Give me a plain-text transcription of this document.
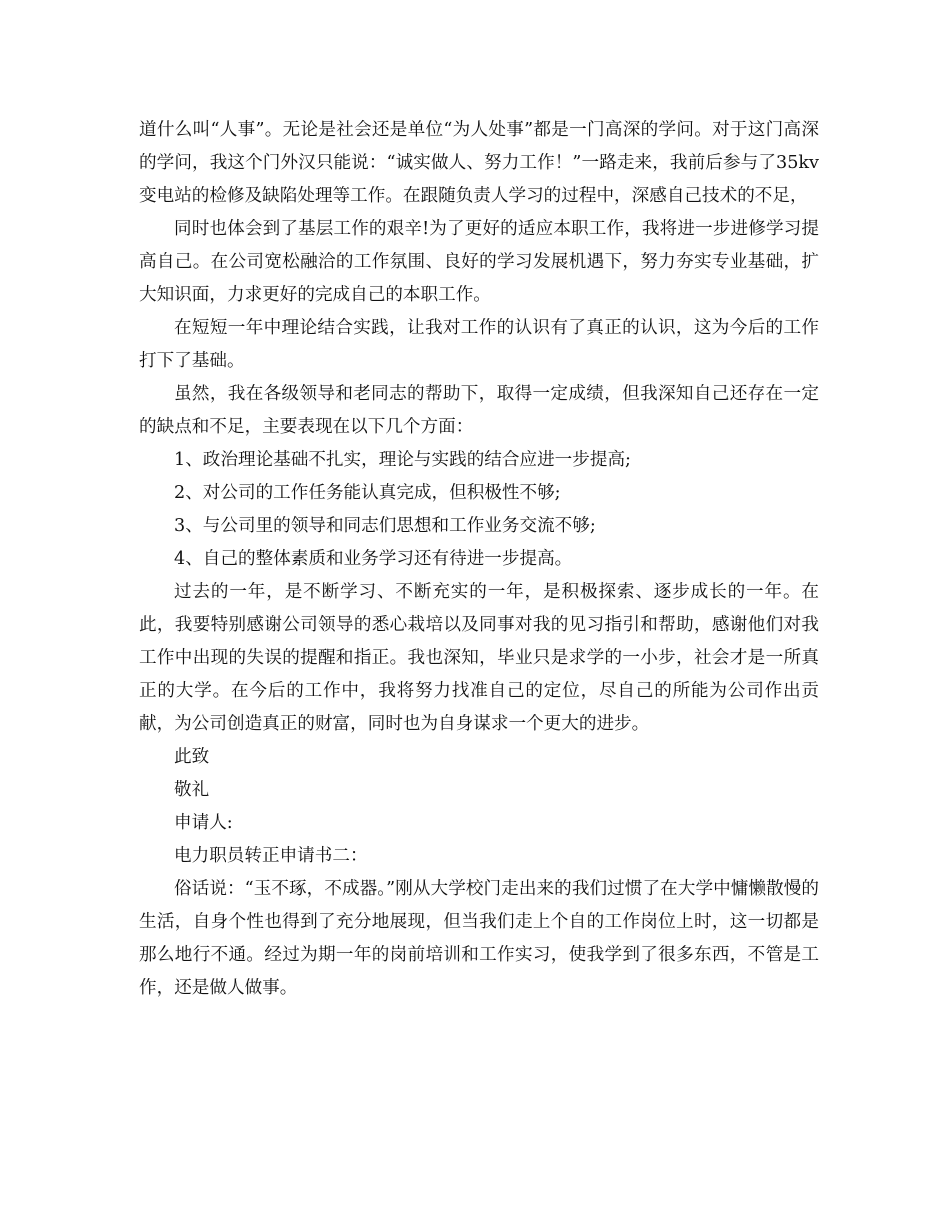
道什么叫“人事”。无论是社会还是单位“为人处事”都是一门高深的学问。对于这门高深的学问，我这个门外汉只能说：“诚实做人、努力工作！”一路走来，我前后参与了35kv变电站的检修及缺陷处理等工作。在跟随负责人学习的过程中，深感自己技术的不足，

同时也体会到了基层工作的艰辛!为了更好的适应本职工作，我将进一步进修学习提高自己。在公司宽松融洽的工作氛围、良好的学习发展机遇下，努力夯实专业基础，扩大知识面，力求更好的完成自己的本职工作。

在短短一年中理论结合实践，让我对工作的认识有了真正的认识，这为今后的工作打下了基础。

虽然，我在各级领导和老同志的帮助下，取得一定成绩，但我深知自己还存在一定的缺点和不足，主要表现在以下几个方面：

1、政治理论基础不扎实，理论与实践的结合应进一步提高;

2、对公司的工作任务能认真完成，但积极性不够;

3、与公司里的领导和同志们思想和工作业务交流不够;

4、自己的整体素质和业务学习还有待进一步提高。

过去的一年，是不断学习、不断充实的一年，是积极探索、逐步成长的一年。在此，我要特别感谢公司领导的悉心栽培以及同事对我的见习指引和帮助，感谢他们对我工作中出现的失误的提醒和指正。我也深知，毕业只是求学的一小步，社会才是一所真正的大学。在今后的工作中，我将努力找准自己的定位，尽自己的所能为公司作出贡献，为公司创造真正的财富，同时也为自身谋求一个更大的进步。

此致

敬礼

申请人:

电力职员转正申请书二：

俗话说：“玉不琢，不成器。”刚从大学校门走出来的我们过惯了在大学中慵懒散慢的生活，自身个性也得到了充分地展现，但当我们走上个自的工作岗位上时，这一切都是那么地行不通。经过为期一年的岗前培训和工作实习，使我学到了很多东西，不管是工作，还是做人做事。
